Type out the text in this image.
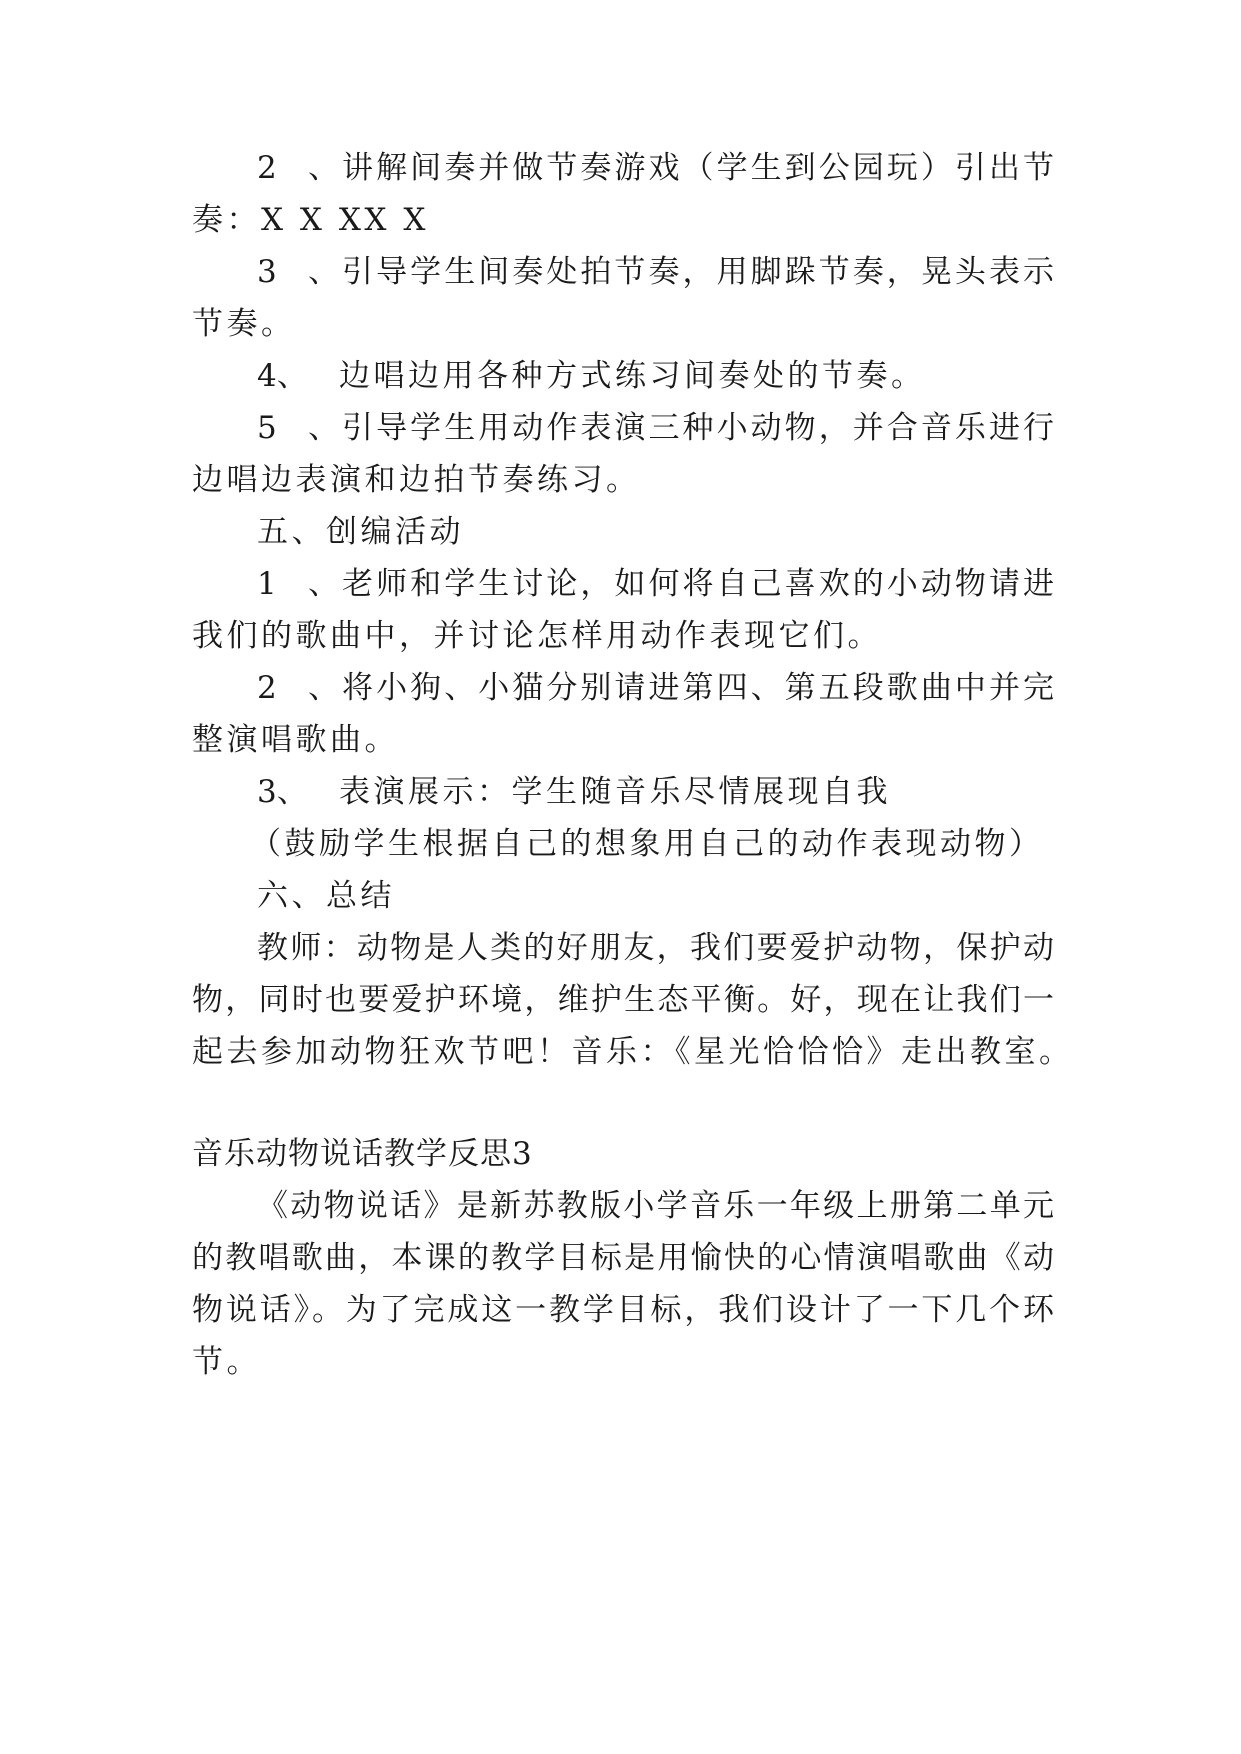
2、讲解间奏并做节奏游戏（学生到公园玩）引出节
奏：X X XX X
3、引导学生间奏处拍节奏，用脚跺节奏，晃头表示
节奏。
4、 边唱边用各种方式练习间奏处的节奏。
5、引导学生用动作表演三种小动物，并合音乐进行
边唱边表演和边拍节奏练习。
五、创编活动
1、老师和学生讨论，如何将自己喜欢的小动物请进
我们的歌曲中，并讨论怎样用动作表现它们。
2、将小狗、小猫分别请进第四、第五段歌曲中并完
整演唱歌曲。
3、 表演展示：学生随音乐尽情展现自我
（鼓励学生根据自己的想象用自己的动作表现动物）
六、总结
教师：动物是人类的好朋友，我们要爱护动物，保护动
物，同时也要爱护环境，维护生态平衡。好，现在让我们一
起去参加动物狂欢节吧！音乐：《星光恰恰恰》走出教室。
音乐动物说话教学反思3
《动物说话》是新苏教版小学音乐一年级上册第二单元
的教唱歌曲，本课的教学目标是用愉快的心情演唱歌曲《动
物说话》。为了完成这一教学目标，我们设计了一下几个环
节。
